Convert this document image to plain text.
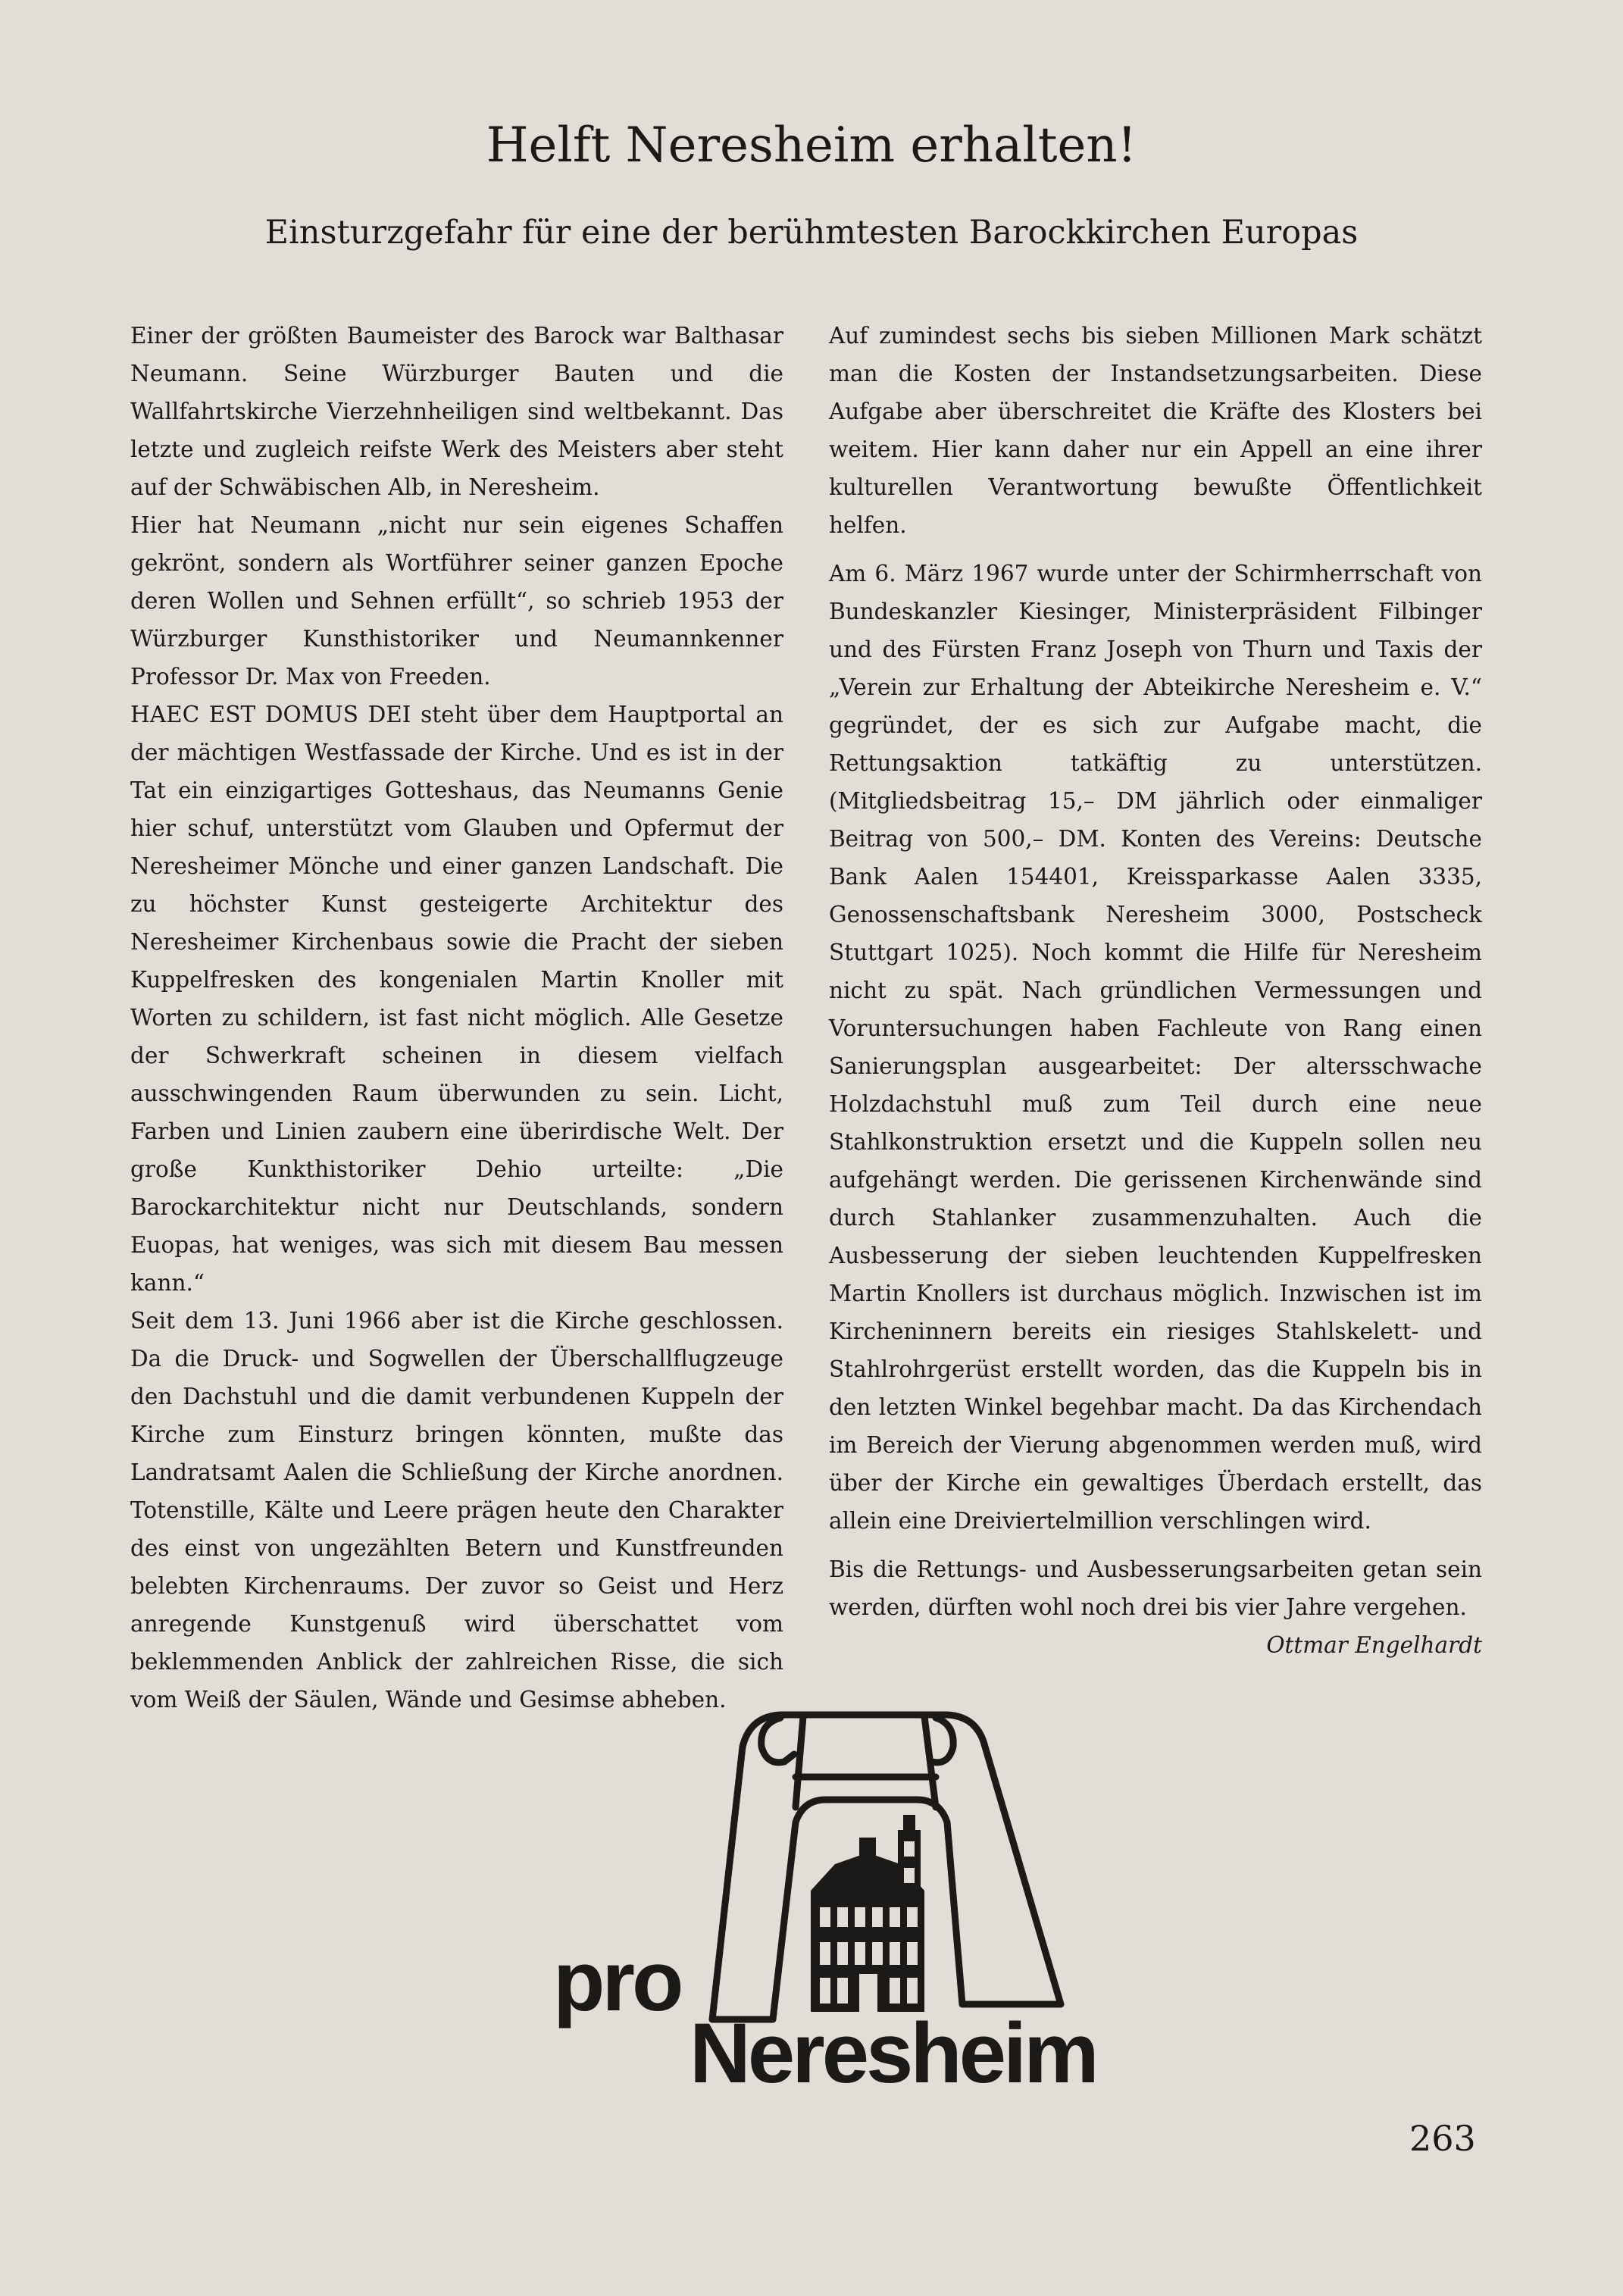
Helft Neresheim erhalten!
Einsturzgefahr für eine der berühmtesten Barockkirchen Europas

Einer der größten Baumeister des Barock war Balthasar Neumann. Seine Würzburger Bauten und die Wallfahrtskirche Vierzehnheiligen sind weltbekannt. Das letzte und zugleich reifste Werk des Meisters aber steht auf der Schwäbischen Alb, in Neresheim.

Hier hat Neumann „nicht nur sein eigenes Schaffen gekrönt, sondern als Wortführer seiner ganzen Epoche deren Wollen und Sehnen erfüllt“, so schrieb 1953 der Würzburger Kunsthistoriker und Neumannkenner Professor Dr. Max von Freeden.

HAEC EST DOMUS DEI steht über dem Hauptportal an der mächtigen Westfassade der Kirche. Und es ist in der Tat ein einzigartiges Gotteshaus, das Neumanns Genie hier schuf, unterstützt vom Glauben und Opfermut der Neresheimer Mönche und einer ganzen Landschaft. Die zu höchster Kunst gesteigerte Architektur des Neresheimer Kirchenbaus sowie die Pracht der sieben Kuppelfresken des kongenialen Martin Knoller mit Worten zu schildern, ist fast nicht möglich. Alle Gesetze der Schwerkraft scheinen in diesem vielfach ausschwingenden Raum überwunden zu sein. Licht, Farben und Linien zaubern eine überirdische Welt. Der große Kunkthistoriker Dehio urteilte: „Die Barockarchitektur nicht nur Deutschlands, sondern Euopas, hat weniges, was sich mit diesem Bau messen kann.“

Seit dem 13. Juni 1966 aber ist die Kirche geschlossen. Da die Druck- und Sogwellen der Überschallflugzeuge den Dachstuhl und die damit verbundenen Kuppeln der Kirche zum Einsturz bringen könnten, mußte das Landratsamt Aalen die Schließung der Kirche anordnen. Totenstille, Kälte und Leere prägen heute den Charakter des einst von ungezählten Betern und Kunstfreunden belebten Kirchenraums. Der zuvor so Geist und Herz anregende Kunstgenuß wird überschattet vom beklemmenden Anblick der zahlreichen Risse, die sich vom Weiß der Säulen, Wände und Gesimse abheben.

Auf zumindest sechs bis sieben Millionen Mark schätzt man die Kosten der Instandsetzungsarbeiten. Diese Aufgabe aber überschreitet die Kräfte des Klosters bei weitem. Hier kann daher nur ein Appell an eine ihrer kulturellen Verantwortung bewußte Öffentlichkeit helfen.

Am 6. März 1967 wurde unter der Schirmherrschaft von Bundeskanzler Kiesinger, Ministerpräsident Filbinger und des Fürsten Franz Joseph von Thurn und Taxis der „Verein zur Erhaltung der Abteikirche Neresheim e. V.“ gegründet, der es sich zur Aufgabe macht, die Rettungsaktion tatkäftig zu unterstützen. (Mitgliedsbeitrag 15,– DM jährlich oder einmaliger Beitrag von 500,– DM. Konten des Vereins: Deutsche Bank Aalen 154401, Kreissparkasse Aalen 3335, Genossenschaftsbank Neresheim 3000, Postscheck Stuttgart 1025). Noch kommt die Hilfe für Neresheim nicht zu spät. Nach gründlichen Vermessungen und Voruntersuchungen haben Fachleute von Rang einen Sanierungsplan ausgearbeitet: Der altersschwache Holzdachstuhl muß zum Teil durch eine neue Stahlkonstruktion ersetzt und die Kuppeln sollen neu aufgehängt werden. Die gerissenen Kirchenwände sind durch Stahlanker zusammenzuhalten. Auch die Ausbesserung der sieben leuchtenden Kuppelfresken Martin Knollers ist durchaus möglich. Inzwischen ist im Kircheninnern bereits ein riesiges Stahlskelett- und Stahlrohrgerüst erstellt worden, das die Kuppeln bis in den letzten Winkel begehbar macht. Da das Kirchendach im Bereich der Vierung abgenommen werden muß, wird über der Kirche ein gewaltiges Überdach erstellt, das allein eine Dreiviertelmillion verschlingen wird.

Bis die Rettungs- und Ausbesserungsarbeiten getan sein werden, dürften wohl noch drei bis vier Jahre vergehen.

Ottmar Engelhardt
pro
Neresheim
263
